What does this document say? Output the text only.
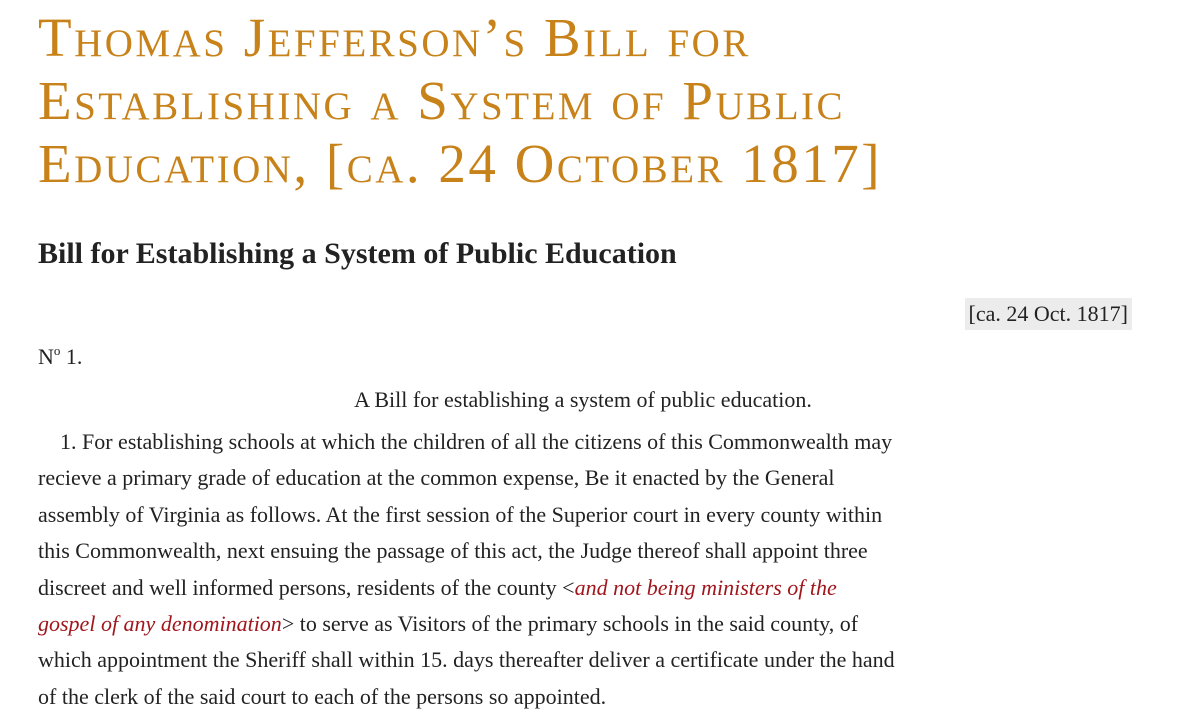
Thomas Jefferson’s Bill for
Establishing a System of Public
Education, [ca. 24 October 1817]
Bill for Establishing a System of Public Education
[ca. 24 Oct. 1817]
$N^o$ 1.
A Bill for establishing a system of public education.
1. For establishing schools at which the children of all the citizens of this Commonwealth may
recieve a primary grade of education at the common expense, Be it enacted by the General
assembly of Virginia as follows. At the first session of the Superior court in every county within
this Commonwealth, next ensuing the passage of this act, the Judge thereof shall appoint three
discreet and well informed persons, residents of the county <and not being ministers of the
gospel of any denomination> to serve as Visitors of the primary schools in the said county, of
which appointment the Sheriff shall within 15. days thereafter deliver a certificate under the hand
of the clerk of the said court to each of the persons so appointed.
